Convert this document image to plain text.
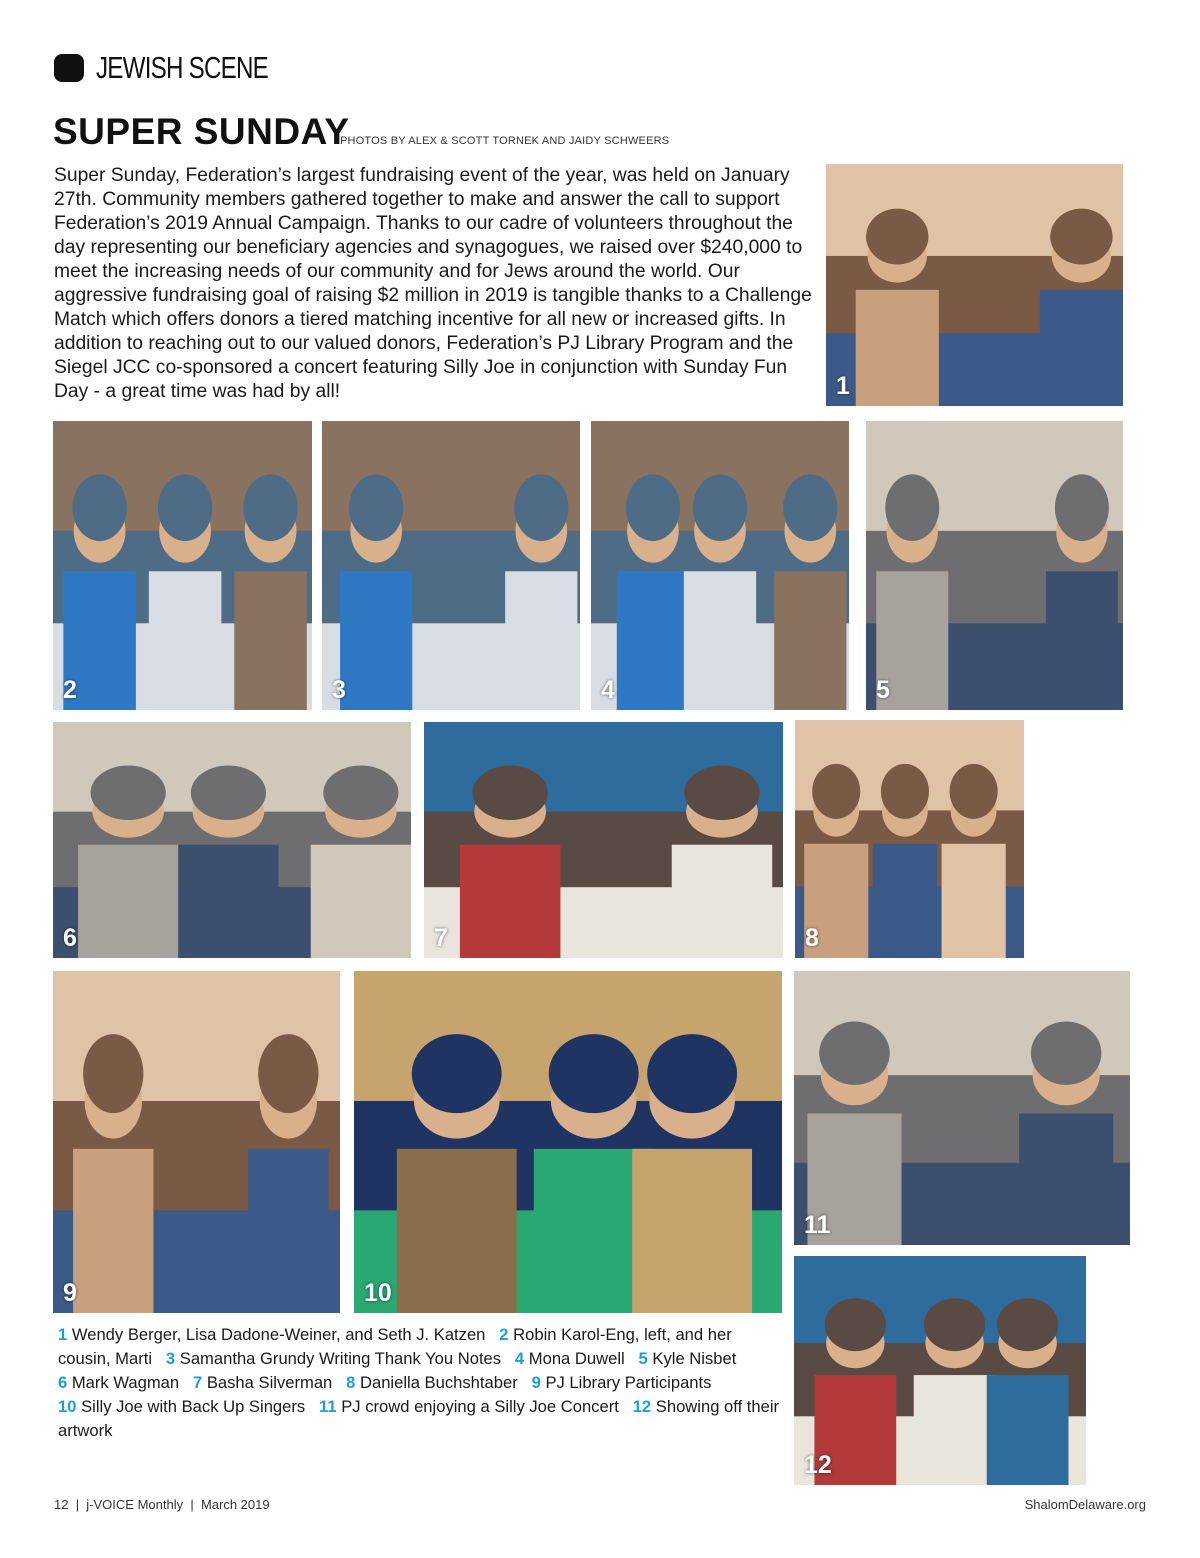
JEWISH SCENE
SUPER SUNDAY
PHOTOS BY ALEX & SCOTT TORNEK AND JAIDY SCHWEERS

Super Sunday, Federation’s largest fundraising event of the year, was held on January 27th. Community members gathered together to make and answer the call to support Federation’s 2019 Annual Campaign. Thanks to our cadre of volunteers throughout the day representing our beneficiary agencies and synagogues, we raised over $240,000 to meet the increasing needs of our community and for Jews around the world. Our aggressive fundraising goal of raising $2 million in 2019 is tangible thanks to a Challenge Match which offers donors a tiered matching incentive for all new or increased gifts. In addition to reaching out to our valued donors, Federation’s PJ Library Program and the Siegel JCC co-sponsored a concert featuring Silly Joe in conjunction with Sunday Fun Day - a great time was had by all!	1
2	3	4	5
6	7	8
9	10
11
12

1 Wendy Berger, Lisa Dadone-Weiner, and Seth J. Katzen 2 Robin Karol-Eng, left, and her cousin, Marti 3 Samantha Grundy Writing Thank You Notes 4 Mona Duwell 5 Kyle Nisbet
6 Mark Wagman 7 Basha Silverman 8 Daniella Buchshtaber 9 PJ Library Participants
10 Silly Joe with Back Up Singers 11 PJ crowd enjoying a Silly Joe Concert 12 Showing off their artwork

12  |  j-VOICE Monthly  |  March 2019	ShalomDelaware.org
